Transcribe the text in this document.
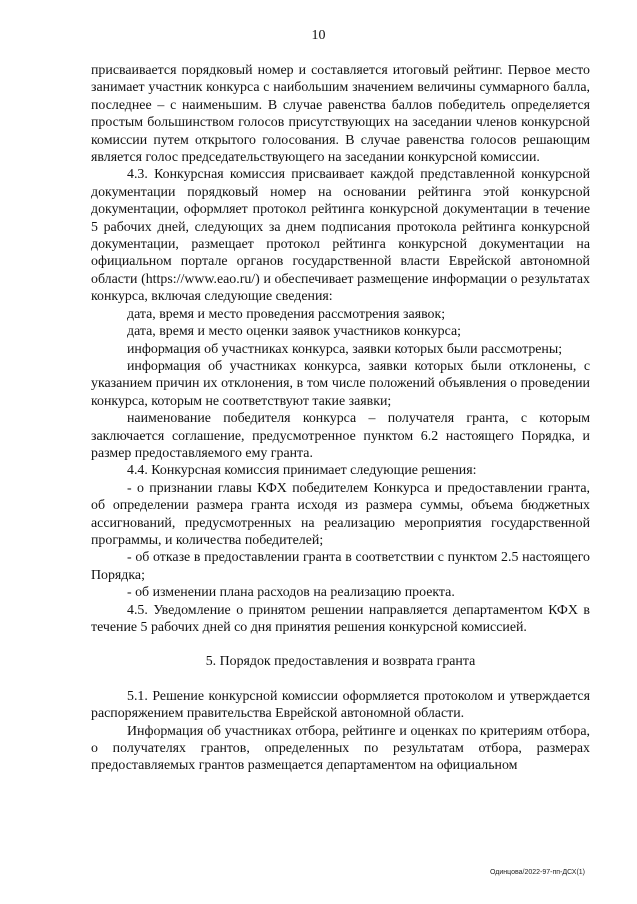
10

присваивается порядковый номер и составляется итоговый рейтинг. Первое место занимает участник конкурса с наибольшим значением величины суммарного балла, последнее – с наименьшим. В случае равенства баллов победитель определяется простым большинством голосов присутствующих на заседании членов конкурсной комиссии путем открытого голосования. В случае равенства голосов решающим является голос председательствующего на заседании конкурсной комиссии.

4.3. Конкурсная комиссия присваивает каждой представленной конкурсной документации порядковый номер на основании рейтинга этой конкурсной документации, оформляет протокол рейтинга конкурсной документации в течение 5 рабочих дней, следующих за днем подписания протокола рейтинга конкурсной документации, размещает протокол рейтинга конкурсной документации на официальном портале органов государственной власти Еврейской автономной области (https://www.eao.ru/) и обеспечивает размещение информации о результатах конкурса, включая следующие сведения:

дата, время и место проведения рассмотрения заявок;

дата, время и место оценки заявок участников конкурса;

информация об участниках конкурса, заявки которых были рассмотрены;

информация об участниках конкурса, заявки которых были отклонены, с указанием причин их отклонения, в том числе положений объявления о проведении конкурса, которым не соответствуют такие заявки;

наименование победителя конкурса – получателя гранта, с которым заключается соглашение, предусмотренное пунктом 6.2 настоящего Порядка, и размер предоставляемого ему гранта.

4.4. Конкурсная комиссия принимает следующие решения:

- о признании главы КФХ победителем Конкурса и предоставлении гранта, об определении размера гранта исходя из размера суммы, объема бюджетных ассигнований, предусмотренных на реализацию мероприятия государственной программы, и количества победителей;

- об отказе в предоставлении гранта в соответствии с пунктом 2.5 настоящего Порядка;

- об изменении плана расходов на реализацию проекта.

4.5. Уведомление о принятом решении направляется департаментом КФХ в течение 5 рабочих дней со дня принятия решения конкурсной комиссией.

5. Порядок предоставления и возврата гранта

5.1. Решение конкурсной комиссии оформляется протоколом и утверждается распоряжением правительства Еврейской автономной области.

Информация об участниках отбора, рейтинге и оценках по критериям отбора, о получателях грантов, определенных по результатам отбора, размерах предоставляемых грантов размещается департаментом на официальном

Одинцова/2022-97-пп-ДСХ(1)
